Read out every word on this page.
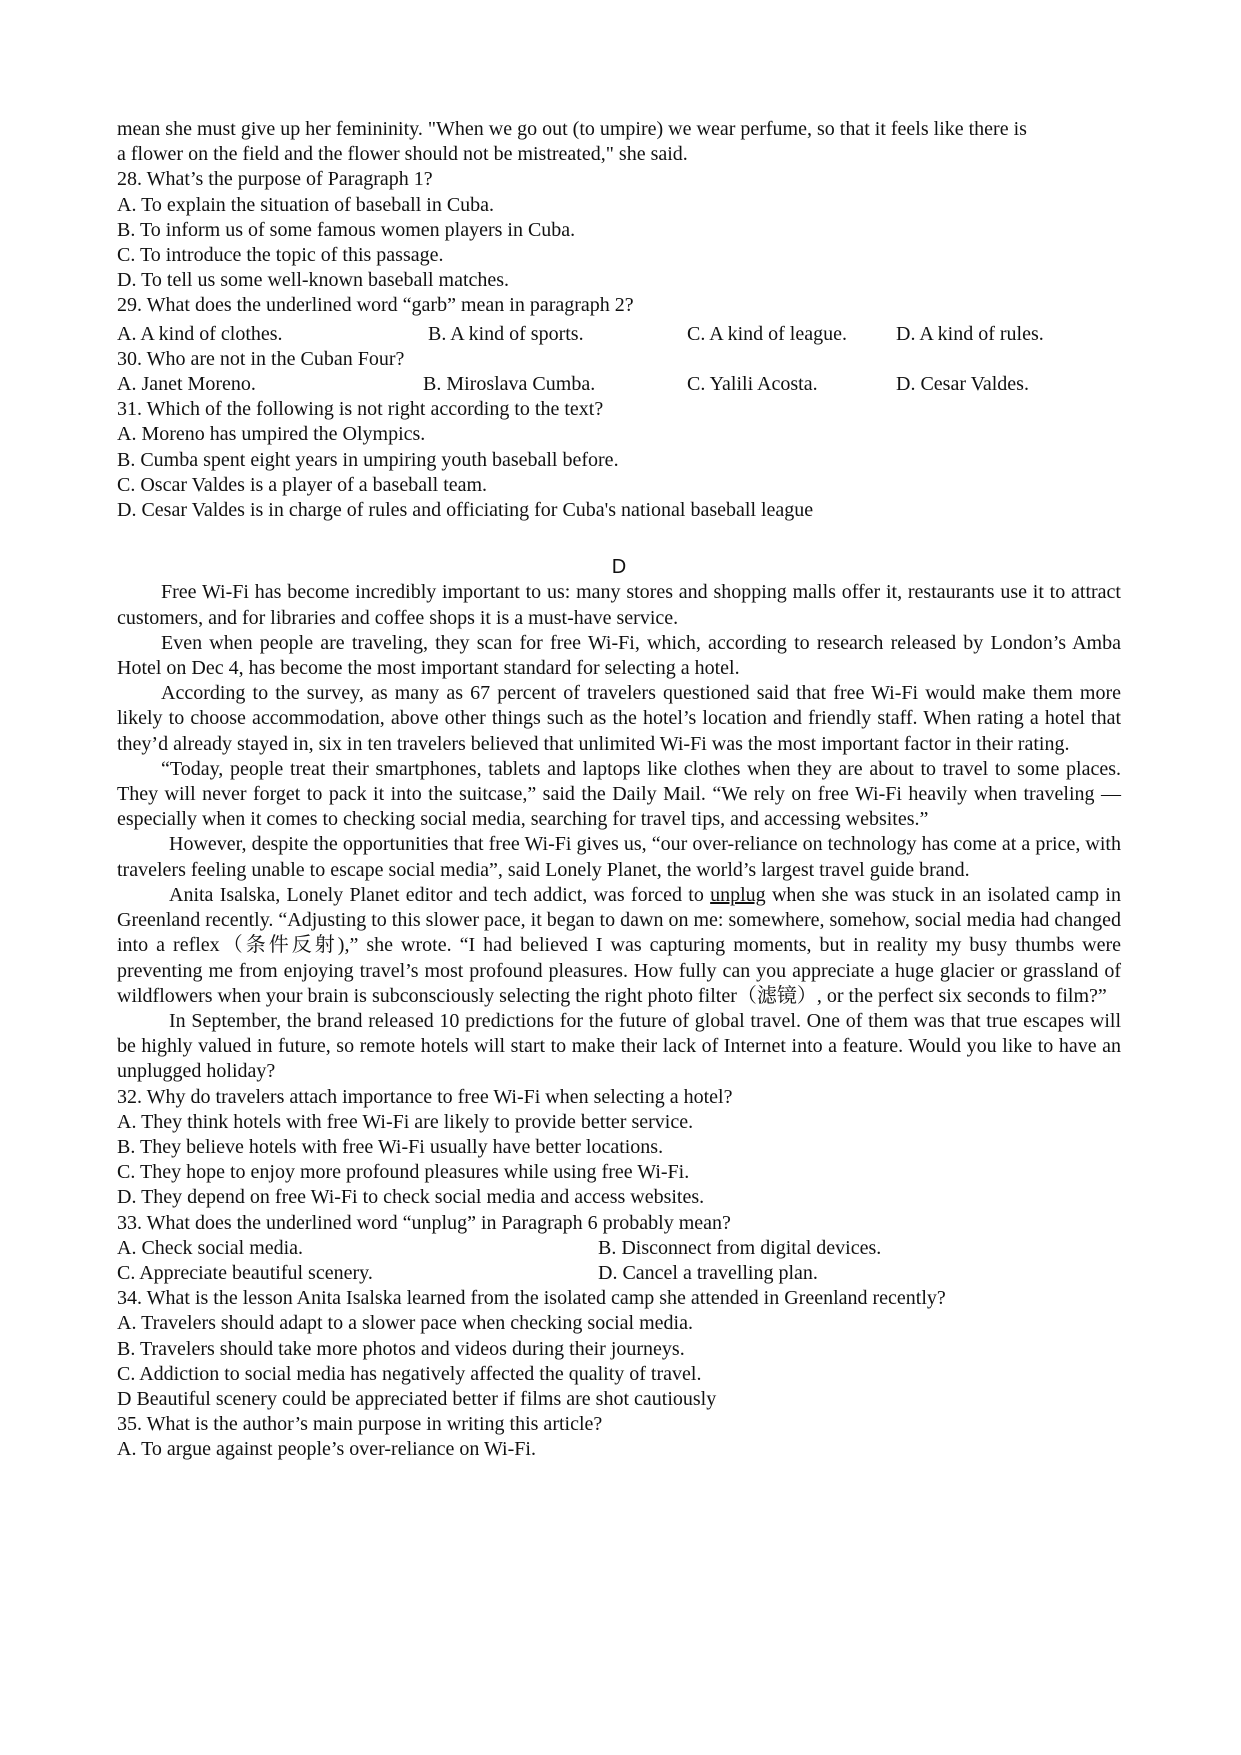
mean she must give up her femininity. "When we go out (to umpire) we wear perfume, so that it feels like there is

a flower on the field and the flower should not be mistreated," she said.

28. What’s the purpose of Paragraph 1?

A. To explain the situation of baseball in Cuba.

B. To inform us of some famous women players in Cuba.

C. To introduce the topic of this passage.

D. To tell us some well-known baseball matches.

29. What does the underlined word “garb” mean in paragraph 2?

A. A kind of clothes.	B. A kind of sports.	C. A kind of league.	D. A kind of rules.

30. Who are not in the Cuban Four?

A. Janet Moreno.	B. Miroslava Cumba.	C. Yalili Acosta.	D. Cesar Valdes.

31. Which of the following is not right according to the text?

A. Moreno has umpired the Olympics.

B. Cumba spent eight years in umpiring youth baseball before.

C. Oscar Valdes is a player of a baseball team.

D. Cesar Valdes is in charge of rules and officiating for Cuba's national baseball league

D

Free Wi-Fi has become incredibly important to us: many stores and shopping malls offer it, restaurants use it to attract customers, and for libraries and coffee shops it is a must-have service.

Even when people are traveling, they scan for free Wi-Fi, which, according to research released by London’s Amba Hotel on Dec 4, has become the most important standard for selecting a hotel.

According to the survey, as many as 67 percent of travelers questioned said that free Wi-Fi would make them more likely to choose accommodation, above other things such as the hotel’s location and friendly staff. When rating a hotel that they’d already stayed in, six in ten travelers believed that unlimited Wi-Fi was the most important factor in their rating.

“Today, people treat their smartphones, tablets and laptops like clothes when they are about to travel to some places. They will never forget to pack it into the suitcase,” said the Daily Mail. “We rely on free Wi-Fi heavily when traveling — especially when it comes to checking social media, searching for travel tips, and accessing websites.”

However, despite the opportunities that free Wi-Fi gives us, “our over-reliance on technology has come at a price, with travelers feeling unable to escape social media”, said Lonely Planet, the world’s largest travel guide brand.

Anita Isalska, Lonely Planet editor and tech addict, was forced to unplug when she was stuck in an isolated camp in Greenland recently. “Adjusting to this slower pace, it began to dawn on me: somewhere, somehow, social media had changed into a reflex（条件反射),” she wrote. “I had believed I was capturing moments, but in reality my busy thumbs were preventing me from enjoying travel’s most profound pleasures. How fully can you appreciate a huge glacier or grassland of wildflowers when your brain is subconsciously selecting the right photo filter（滤镜）, or the perfect six seconds to film?”

In September, the brand released 10 predictions for the future of global travel. One of them was that true escapes will be highly valued in future, so remote hotels will start to make their lack of Internet into a feature. Would you like to have an unplugged holiday?

32. Why do travelers attach importance to free Wi-Fi when selecting a hotel?

A. They think hotels with free Wi-Fi are likely to provide better service.

B. They believe hotels with free Wi-Fi usually have better locations.

C. They hope to enjoy more profound pleasures while using free Wi-Fi.

D. They depend on free Wi-Fi to check social media and access websites.

33. What does the underlined word “unplug” in Paragraph 6 probably mean?

A. Check social media.	B. Disconnect from digital devices.
C. Appreciate beautiful scenery.	D. Cancel a travelling plan.

34. What is the lesson Anita Isalska learned from the isolated camp she attended in Greenland recently?

A. Travelers should adapt to a slower pace when checking social media.

B. Travelers should take more photos and videos during their journeys.

C. Addiction to social media has negatively affected the quality of travel.

D Beautiful scenery could be appreciated better if films are shot cautiously

35. What is the author’s main purpose in writing this article?

A. To argue against people’s over-reliance on Wi-Fi.
